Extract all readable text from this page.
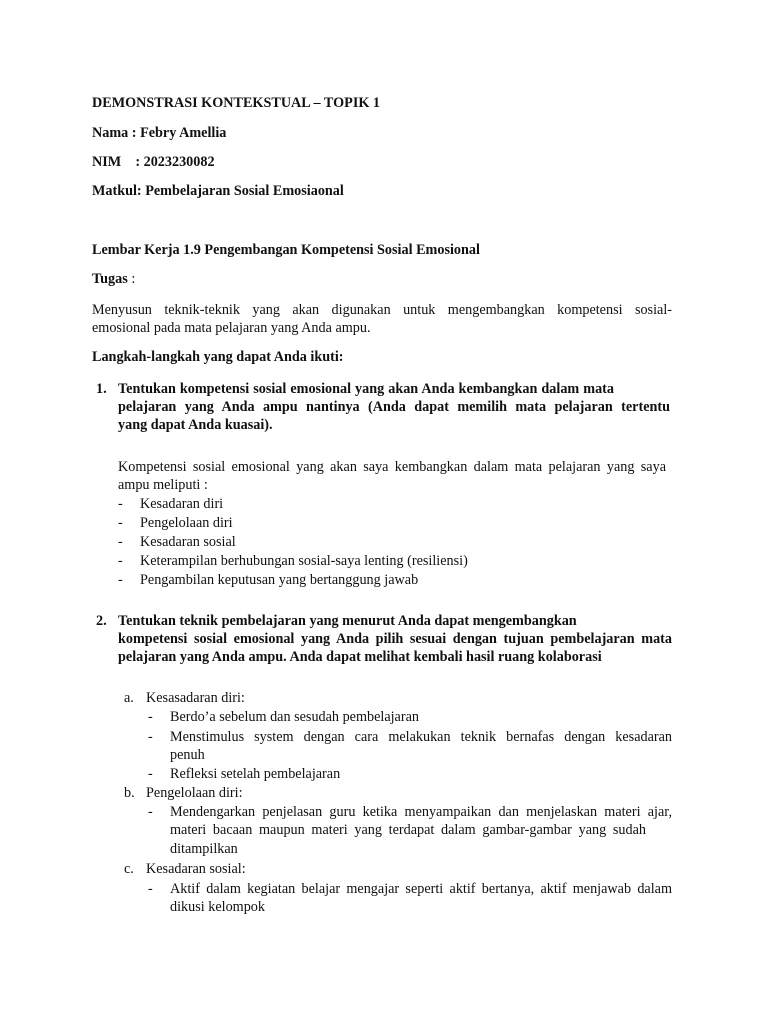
DEMONSTRASI KONTEKSTUAL – TOPIK 1
Nama : Febry Amellia
NIM    : 2023230082
Matkul: Pembelajaran Sosial Emosiaonal
Lembar Kerja 1.9 Pengembangan Kompetensi Sosial Emosional
Tugas :
Menyusun teknik-teknik yang akan digunakan untuk mengembangkan kompetensi sosial-
emosional pada mata pelajaran yang Anda ampu.
Langkah-langkah yang dapat Anda ikuti:
1. Tentukan kompetensi sosial emosional yang akan Anda kembangkan dalam mata
pelajaran yang Anda ampu nantinya (Anda dapat memilih mata pelajaran tertentu
yang dapat Anda kuasai).
Kompetensi sosial emosional yang akan saya kembangkan dalam mata pelajaran yang saya
ampu meliputi :
- Kesadaran diri
- Pengelolaan diri
- Kesadaran sosial
- Keterampilan berhubungan sosial-saya lenting (resiliensi)
- Pengambilan keputusan yang bertanggung jawab
2. Tentukan teknik pembelajaran yang menurut Anda dapat mengembangkan
kompetensi sosial emosional yang Anda pilih sesuai dengan tujuan pembelajaran mata
pelajaran yang Anda ampu. Anda dapat melihat kembali hasil ruang kolaborasi
a. Kesasadaran diri:
- Berdo’a sebelum dan sesudah pembelajaran
- Menstimulus system dengan cara melakukan teknik bernafas dengan kesadaran
penuh
- Refleksi setelah pembelajaran
b. Pengelolaan diri:
- Mendengarkan penjelasan guru ketika menyampaikan dan menjelaskan materi ajar,
materi bacaan maupun materi yang terdapat dalam gambar-gambar yang sudah
ditampilkan
c. Kesadaran sosial:
- Aktif dalam kegiatan belajar mengajar seperti aktif bertanya, aktif menjawab dalam
dikusi kelompok
